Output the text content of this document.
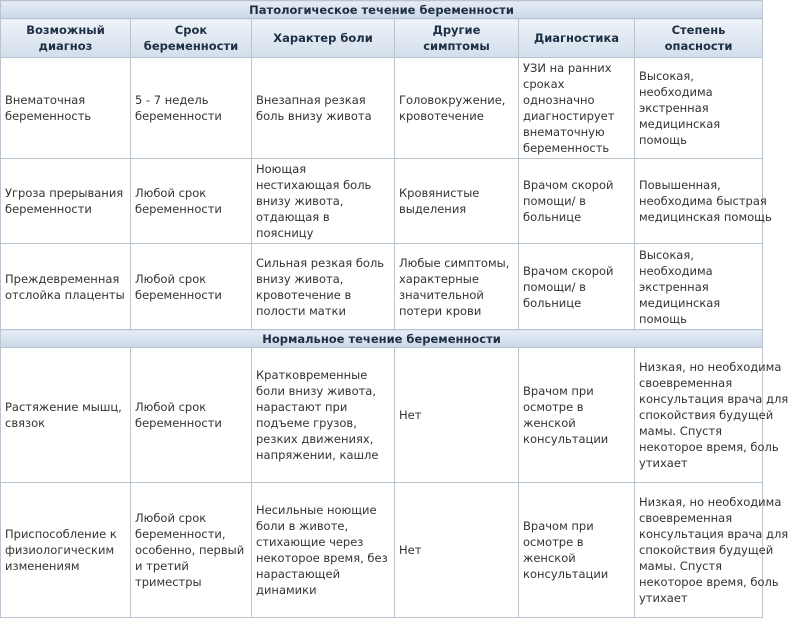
Патологическое течение беременности					
Возможный диагноз	Срок беременности	Характер боли	Другие симптомы	Диагностика	Степень опасности
Внематочная беременность	5 - 7 недель беременности	Внезапная резкая боль внизу живота	Головокружение, кровотечение	УЗИ на ранних сроках однозначно диагностирует внематочную беременность	Высокая, необходима экстренная медицинская помощь
Угроза прерывания беременности	Любой срок беременности	Ноющая нестихающая боль внизу живота, отдающая в поясницу	Кровянистые выделения	Врачом скорой помощи/ в больнице	Повышенная, необходима быстрая медицинская помощь

Преждевременная отслойка плаценты	Любой срок беременности	Сильная резкая боль внизу живота, кровотечение в полости матки	Любые симптомы, характерные значительной потери крови	Врачом скорой помощи/ в больнице	Высокая, необходима экстренная медицинская помощь
Нормальное течение беременности					
Растяжение мышц, связок	Любой срок беременности	Кратковременные боли внизу живота, нарастают при подъеме грузов, резких движениях, напряжении, кашле	Нет	Врачом при осмотре в женской консультации	Низкая, но необходима своевременная консультация врача для спокойствия будущей мамы. Спустя некоторое время, боль утихает

Приспособление к физиологическим изменениям	Любой срок беременности, особенно, первый и третий триместры	Несильные ноющие боли в животе, стихающие через некоторое время, без нарастающей динамики	Нет	Врачом при осмотре в женской консультации	Низкая, но необходима своевременная консультация врача для спокойствия будущей мамы. Спустя некоторое время, боль утихает
